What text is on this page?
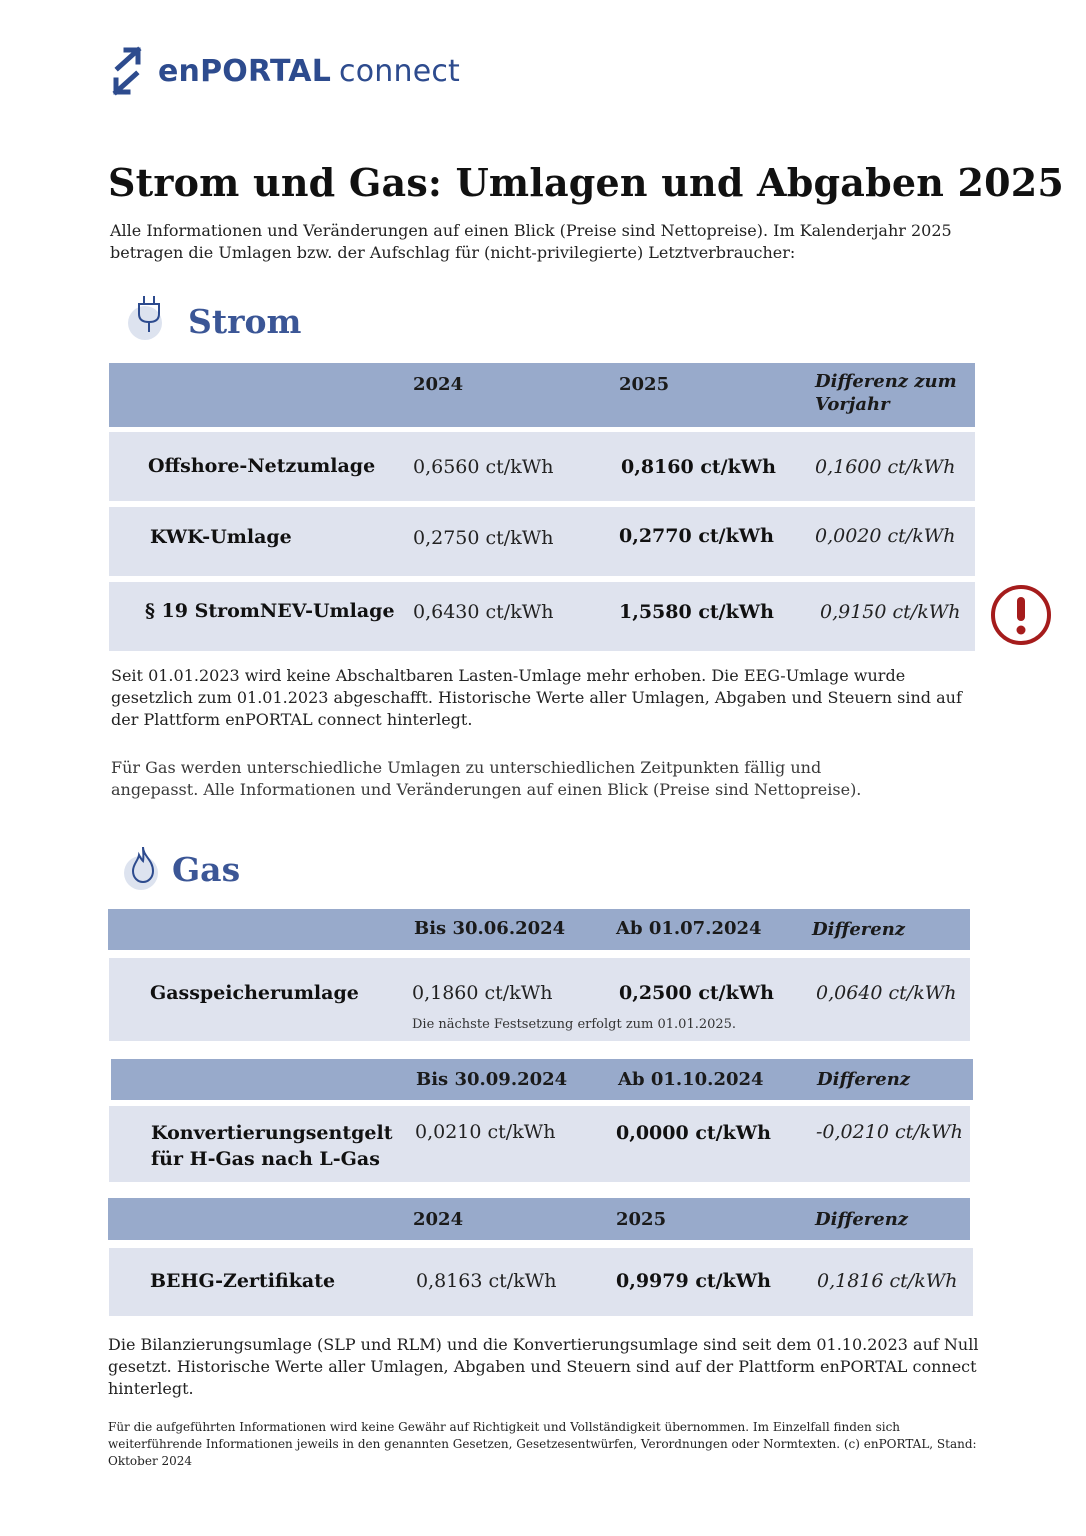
enPORTAL connect
Strom und Gas: Umlagen und Abgaben 2025
Alle Informationen und Veränderungen auf einen Blick (Preise sind Nettopreise). Im Kalenderjahr 2025 betragen die Umlagen bzw. der Aufschlag für (nicht-privilegierte) Letztverbraucher:
Strom
2024	2025	Differenz zum Vorjahr
Offshore-Netzumlage 0,6560 ct/kWh	0,8160 ct/kWh 0,1600 ct/kWh
KWK-Umlage	0,2750 ct/kWh	0,2770 ct/kWh 0,0020 ct/kWh
§ 19 StromNEV-Umlage 0,6430 ct/kWh	1,5580 ct/kWh 0,9150 ct/kWh
Seit 01.01.2023 wird keine Abschaltbaren Lasten-Umlage mehr erhoben. Die EEG-Umlage wurde gesetzlich zum 01.01.2023 abgeschafft. Historische Werte aller Umlagen, Abgaben und Steuern sind auf der Plattform enPORTAL connect hinterlegt.
Für Gas werden unterschiedliche Umlagen zu unterschiedlichen Zeitpunkten fällig und angepasst. Alle Informationen und Veränderungen auf einen Blick (Preise sind Nettopreise).
Gas
Bis 30.06.2024	Ab 01.07.2024	Differenz
Gasspeicherumlage	0,1860 ct/kWh	0,2500 ct/kWh 0,0640 ct/kWh
Die nächste Festsetzung erfolgt zum 01.01.2025.
Bis 30.09.2024	Ab 01.10.2024	Differenz
Konvertierungsentgelt
für H-Gas nach L-Gas
0,0210 ct/kWh	0,0000 ct/kWh -0,0210 ct/kWh
2024	2025	Differenz
BEHG-Zertifikate	0,8163 ct/kWh	0,9979 ct/kWh 0,1816 ct/kWh
Die Bilanzierungsumlage (SLP und RLM) und die Konvertierungsumlage sind seit dem 01.10.2023 auf Null gesetzt. Historische Werte aller Umlagen, Abgaben und Steuern sind auf der Plattform enPORTAL connect hinterlegt.
Für die aufgeführten Informationen wird keine Gewähr auf Richtigkeit und Vollständigkeit übernommen. Im Einzelfall finden sich weiterführende Informationen jeweils in den genannten Gesetzen, Gesetzesentwürfen, Verordnungen oder Normtexten. (c) enPORTAL, Stand: Oktober 2024
